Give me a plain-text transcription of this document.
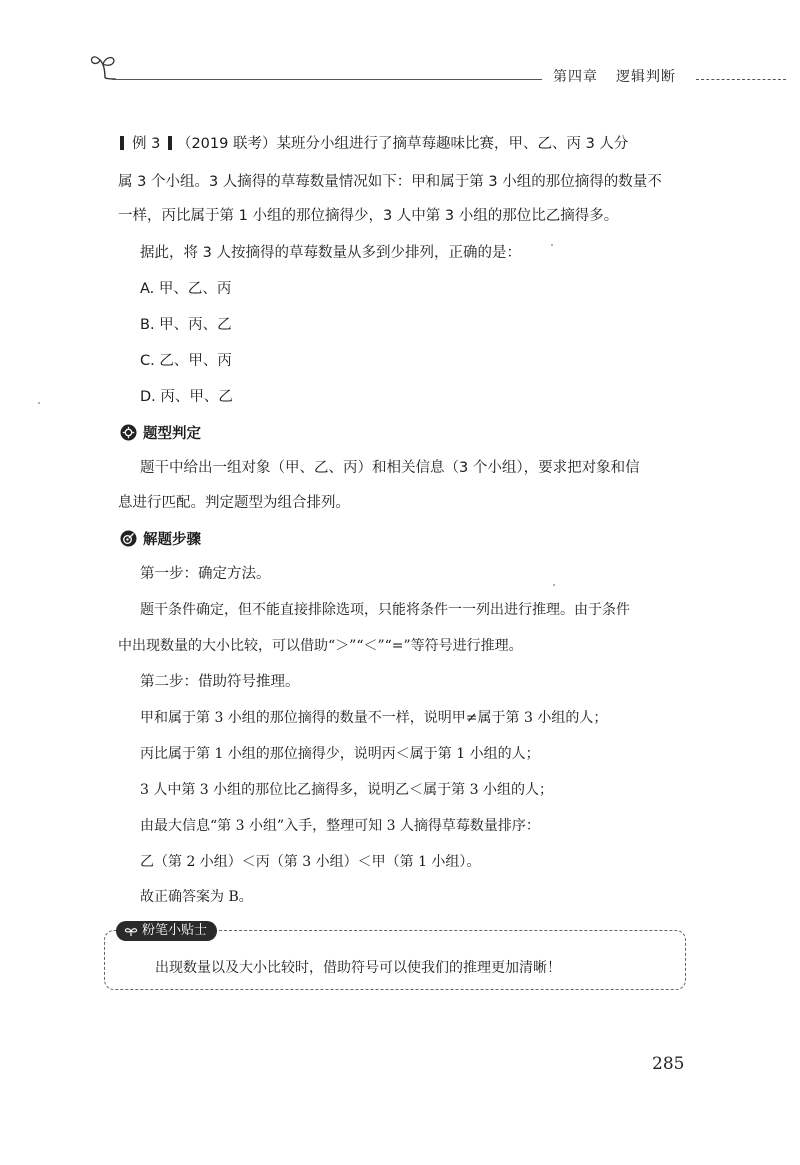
第四章 逻辑判断
例 3 （2019 联考）某班分小组进行了摘草莓趣味比赛，甲、乙、丙 3 人分
属 3 个小组。3 人摘得的草莓数量情况如下：甲和属于第 3 小组的那位摘得的数量不
一样，丙比属于第 1 小组的那位摘得少，3 人中第 3 小组的那位比乙摘得多。
据此，将 3 人按摘得的草莓数量从多到少排列，正确的是：
A. 甲、乙、丙
B. 甲、丙、乙
C. 乙、甲、丙
D. 丙、甲、乙
题型判定
题干中给出一组对象（甲、乙、丙）和相关信息（3 个小组），要求把对象和信
息进行匹配。判定题型为组合排列。
解题步骤
第一步：确定方法。
题干条件确定，但不能直接排除选项，只能将条件一一列出进行推理。由于条件
中出现数量的大小比较，可以借助“＞”“＜”“=”等符号进行推理。
第二步：借助符号推理。
甲和属于第 3 小组的那位摘得的数量不一样，说明甲≠属于第 3 小组的人；
丙比属于第 1 小组的那位摘得少，说明丙＜属于第 1 小组的人；
3 人中第 3 小组的那位比乙摘得多，说明乙＜属于第 3 小组的人；
由最大信息“第 3 小组”入手，整理可知 3 人摘得草莓数量排序：
乙（第 2 小组）＜丙（第 3 小组）＜甲（第 1 小组）。
故正确答案为 B。
粉笔小贴士
出现数量以及大小比较时，借助符号可以使我们的推理更加清晰！
285
